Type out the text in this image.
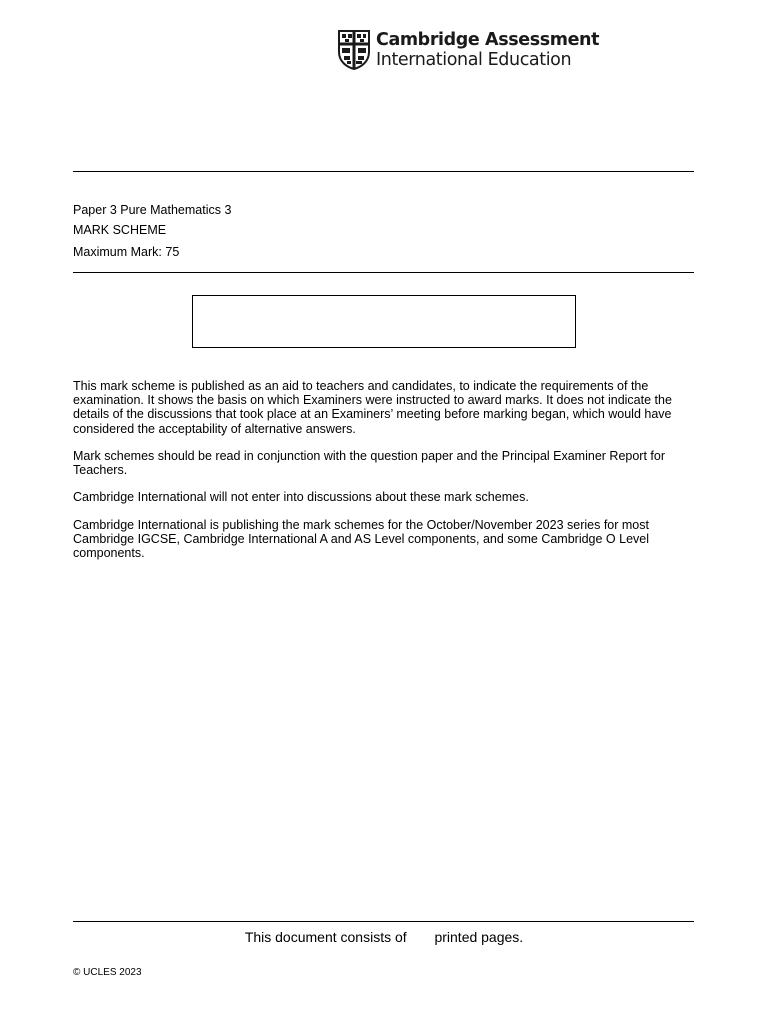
Cambridge Assessment
International Education
Paper 3 Pure Mathematics 3
MARK SCHEME
Maximum Mark: 75
This mark scheme is published as an aid to teachers and candidates, to indicate the requirements of the examination. It shows the basis on which Examiners were instructed to award marks. It does not indicate the details of the discussions that took place at an Examiners’ meeting before marking began, which would have considered the acceptability of alternative answers.
Mark schemes should be read in conjunction with the question paper and the Principal Examiner Report for Teachers.
Cambridge International will not enter into discussions about these mark schemes.
Cambridge International is publishing the mark schemes for the October/November 2023 series for most Cambridge IGCSE, Cambridge International A and AS Level components, and some Cambridge O Level components.
This document consists of printed pages.
© UCLES 2023
